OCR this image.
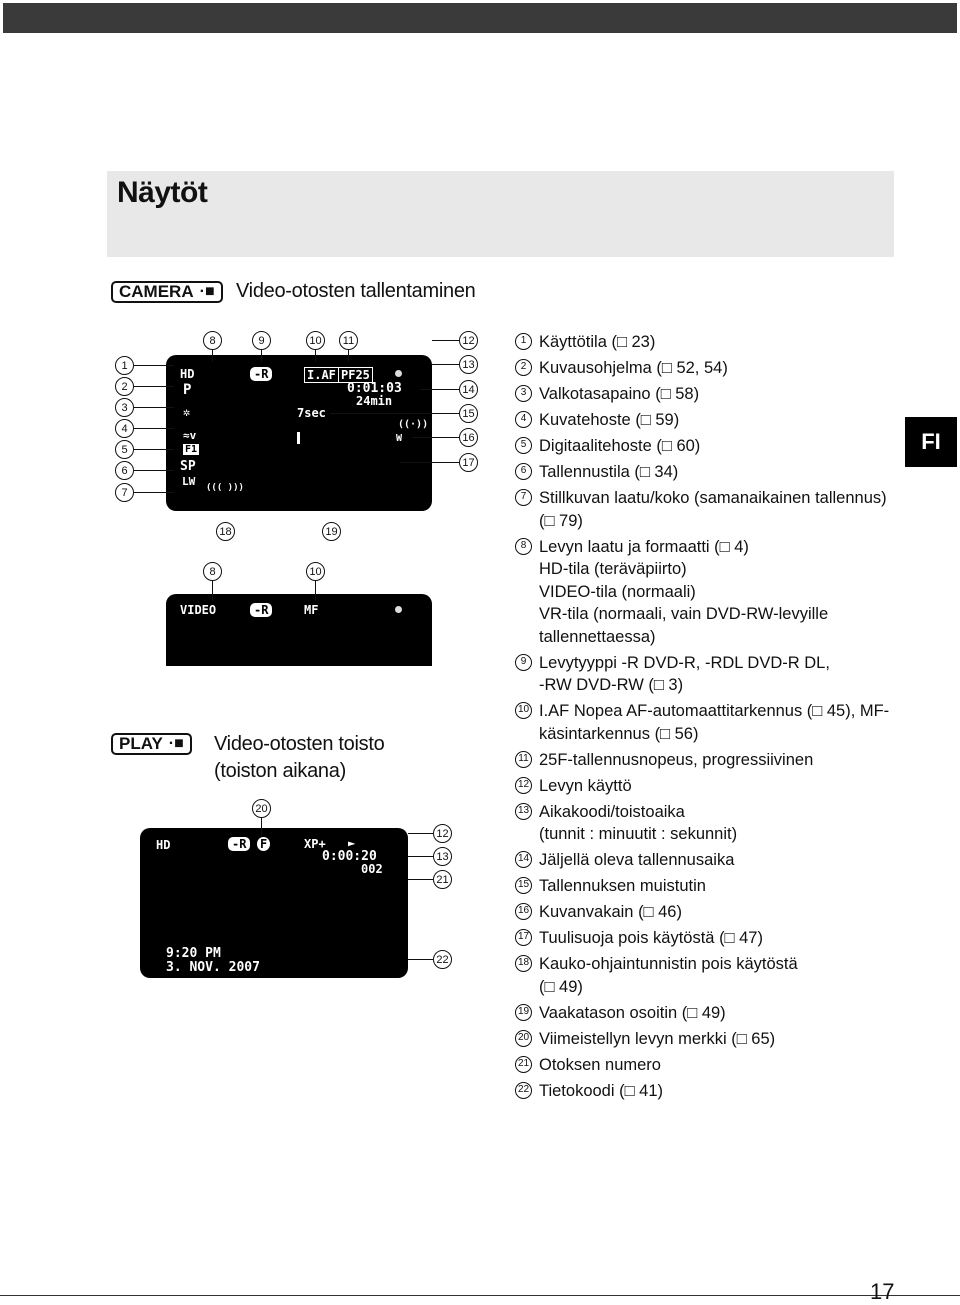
Näytöt
CAMERA ·■ Video-otosten tallentaminen
HD	-R	I.AF PF25
0:01:03
24min
7sec
P
✲
≈v
F1
SP
LW ((( )))
((·))
W
VIDEO	-R	MF
PLAY ·■ Video-otosten toisto
(toiston aikana)
HD	-R	F	XP+ ►
0:00:20
002
9:20 PM
3. NOV. 2007
1
2
3
4
5
6
7
8	9	10	11	12
13
14
15
16
17
18	19
8	10
20
12
13
21
22
1 Käyttötila (□ 23)
2 Kuvausohjelma (□ 52, 54)
3 Valkotasapaino (□ 58)
4 Kuvatehoste (□ 59)
5 Digitaalitehoste (□ 60)
6 Tallennustila (□ 34)
7 Stillkuvan laatu/koko (samanaikainen tallennus) (□ 79)
8 Levyn laatu ja formaatti (□ 4)
HD-tila (teräväpiirto)
VIDEO-tila (normaali)
VR-tila (normaali, vain DVD-RW-levyille tallennettaessa)
9 Levytyyppi -R DVD-R, -RDL DVD-R DL,
-RW DVD-RW (□ 3)
10 I.AF Nopea AF-automaattitarkennus (□ 45), MF-käsintarkennus (□ 56)
11 25F-tallennusnopeus, progressiivinen
12 Levyn käyttö
13 Aikakoodi/toistoaika
(tunnit : minuutit : sekunnit)
14 Jäljellä oleva tallennusaika
15 Tallennuksen muistutin
16 Kuvanvakain (□ 46)
17 Tuulisuoja pois käytöstä (□ 47)
18 Kauko-ohjaintunnistin pois käytöstä
(□ 49)
19 Vaakatason osoitin (□ 49)
20 Viimeistellyn levyn merkki (□ 65)
21 Otoksen numero
22 Tietokoodi (□ 41)
FI
17
